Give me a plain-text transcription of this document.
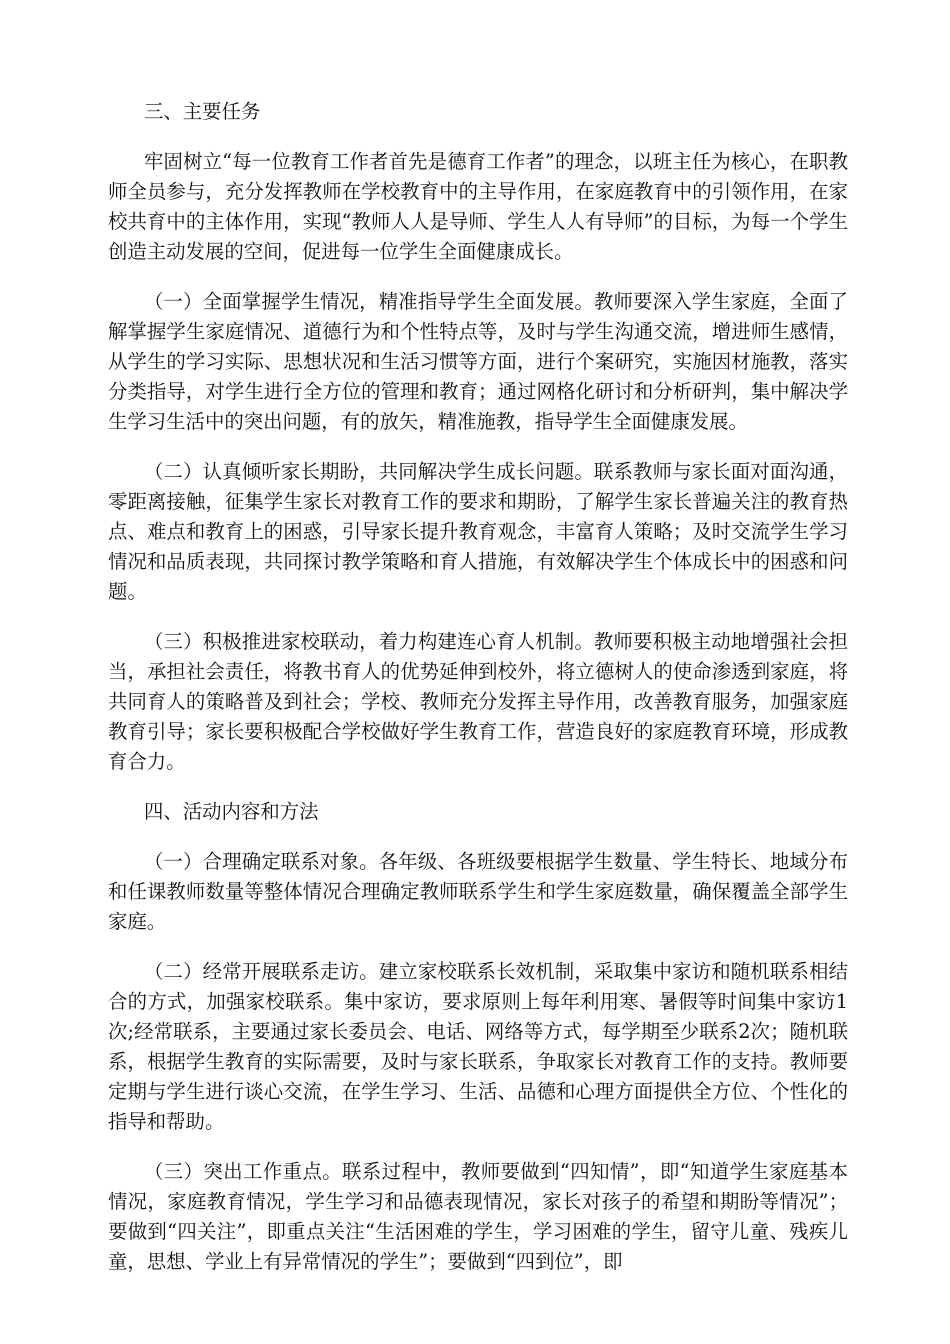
三、主要任务

牢固树立“每一位教育工作者首先是德育工作者”的理念，以班主任为核心，在职教师全员参与，充分发挥教师在学校教育中的主导作用，在家庭教育中的引领作用，在家校共育中的主体作用，实现“教师人人是导师、学生人人有导师”的目标，为每一个学生创造主动发展的空间，促进每一位学生全面健康成长。

（一）全面掌握学生情况，精准指导学生全面发展。教师要深入学生家庭，全面了解掌握学生家庭情况、道德行为和个性特点等，及时与学生沟通交流，增进师生感情，从学生的学习实际、思想状况和生活习惯等方面，进行个案研究，实施因材施教，落实分类指导，对学生进行全方位的管理和教育；通过网格化研讨和分析研判，集中解决学生学习生活中的突出问题，有的放矢，精准施教，指导学生全面健康发展。

（二）认真倾听家长期盼，共同解决学生成长问题。联系教师与家长面对面沟通，零距离接触，征集学生家长对教育工作的要求和期盼，了解学生家长普遍关注的教育热点、难点和教育上的困惑，引导家长提升教育观念，丰富育人策略；及时交流学生学习情况和品质表现，共同探讨教学策略和育人措施，有效解决学生个体成长中的困惑和问题。

（三）积极推进家校联动，着力构建连心育人机制。教师要积极主动地增强社会担当，承担社会责任，将教书育人的优势延伸到校外，将立德树人的使命渗透到家庭，将共同育人的策略普及到社会；学校、教师充分发挥主导作用，改善教育服务，加强家庭教育引导；家长要积极配合学校做好学生教育工作，营造良好的家庭教育环境，形成教育合力。

四、活动内容和方法

（一）合理确定联系对象。各年级、各班级要根据学生数量、学生特长、地域分布和任课教师数量等整体情况合理确定教师联系学生和学生家庭数量，确保覆盖全部学生家庭。

（二）经常开展联系走访。建立家校联系长效机制，采取集中家访和随机联系相结合的方式，加强家校联系。集中家访，要求原则上每年利用寒、暑假等时间集中家访1次;经常联系，主要通过家长委员会、电话、网络等方式，每学期至少联系2次；随机联系，根据学生教育的实际需要，及时与家长联系，争取家长对教育工作的支持。教师要定期与学生进行谈心交流，在学生学习、生活、品德和心理方面提供全方位、个性化的指导和帮助。

（三）突出工作重点。联系过程中，教师要做到“四知情”，即“知道学生家庭基本情况，家庭教育情况，学生学习和品德表现情况，家长对孩子的希望和期盼等情况”；要做到“四关注”，即重点关注“生活困难的学生，学习困难的学生，留守儿童、残疾儿童，思想、学业上有异常情况的学生”；要做到“四到位”，即
